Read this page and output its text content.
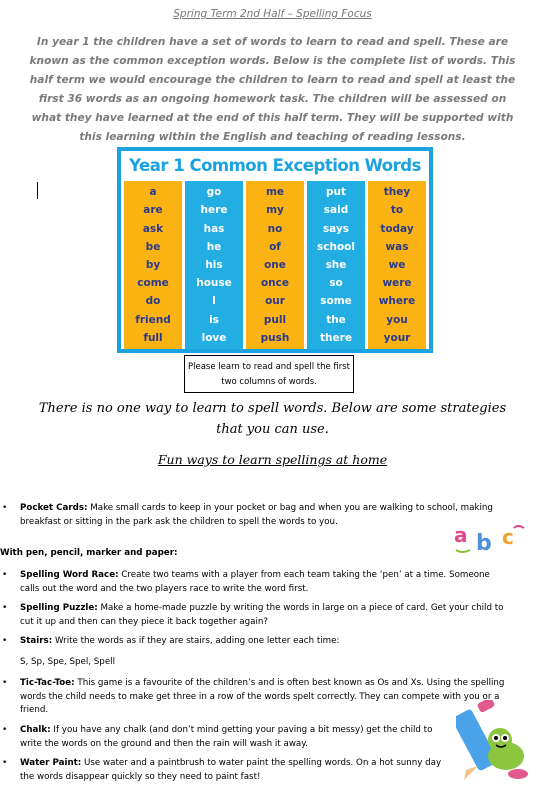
Spring Term 2nd Half – Spelling Focus
In year 1 the children have a set of words to learn to read and spell. These are known as the common exception words. Below is the complete list of words. This half term we would encourage the children to learn to read and spell at least the first 36 words as an ongoing homework task. The children will be assessed on what they have learned at the end of this half term. They will be supported with this learning within the English and teaching of reading lessons.
Year 1 Common Exception Words
a
are
ask
be
by
come
do
friend
full
go
here
has
he
his
house
I
is
love
me
my
no
of
one
once
our
pull
push
put
said
says
school
she
so
some
the
there
they
to
today
was
we
were
where
you
your
Please learn to read and spell the first two columns of words.
There is no one way to learn to spell words. Below are some strategies that you can use.
Fun ways to learn spellings at home
• Pocket Cards: Make small cards to keep in your pocket or bag and when you are walking to school, making breakfast or sitting in the park ask the children to spell the words to you.
With pen, pencil, marker and paper:
• Spelling Word Race: Create two teams with a player from each team taking the ‘pen’ at a time. Someone calls out the word and the two players race to write the word first.
• Spelling Puzzle: Make a home-made puzzle by writing the words in large on a piece of card. Get your child to cut it up and then can they piece it back together again?
• Stairs: Write the words as if they are stairs, adding one letter each time:
S, Sp, Spe, Spel, Spell
• Tic-Tac-Toe: This game is a favourite of the children’s and is often best known as Os and Xs. Using the spelling words the child needs to make get three in a row of the words spelt correctly. They can compete with you or a friend.
• Chalk: If you have any chalk (and don’t mind getting your paving a bit messy) get the child to write the words on the ground and then the rain will wash it away.
• Water Paint: Use water and a paintbrush to water paint the spelling words. On a hot sunny day the words disappear quickly so they need to paint fast!
a b c
